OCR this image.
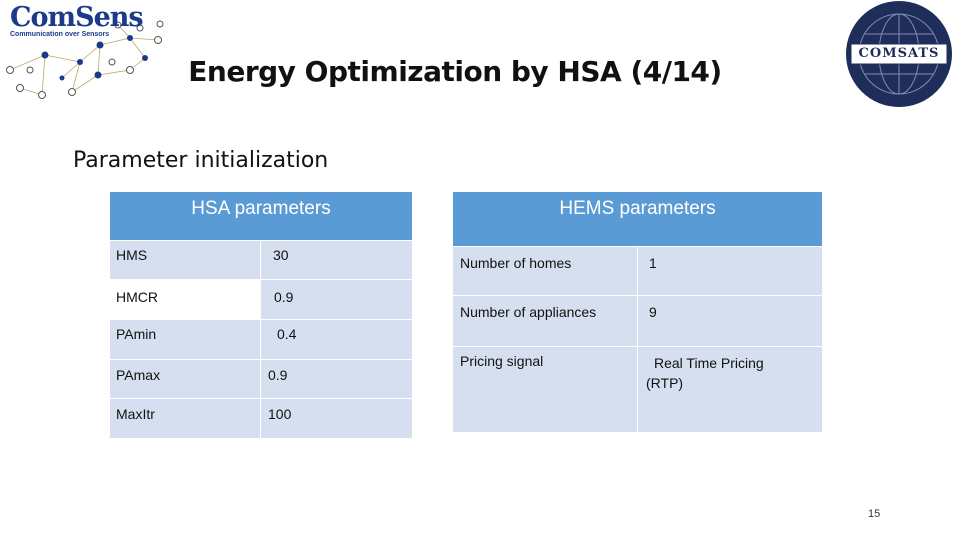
ComSens
Communication over Sensors
COMSATS
Energy Optimization by HSA (4/14)
Parameter initialization
HSA parameters
HMS	30
HMCR	0.9
PAmin	0.4
PAmax	0.9
MaxItr	100
HEMS parameters
Number of homes	1
Number of appliances	9
Pricing signal	Real Time Pricing (RTP)
15
